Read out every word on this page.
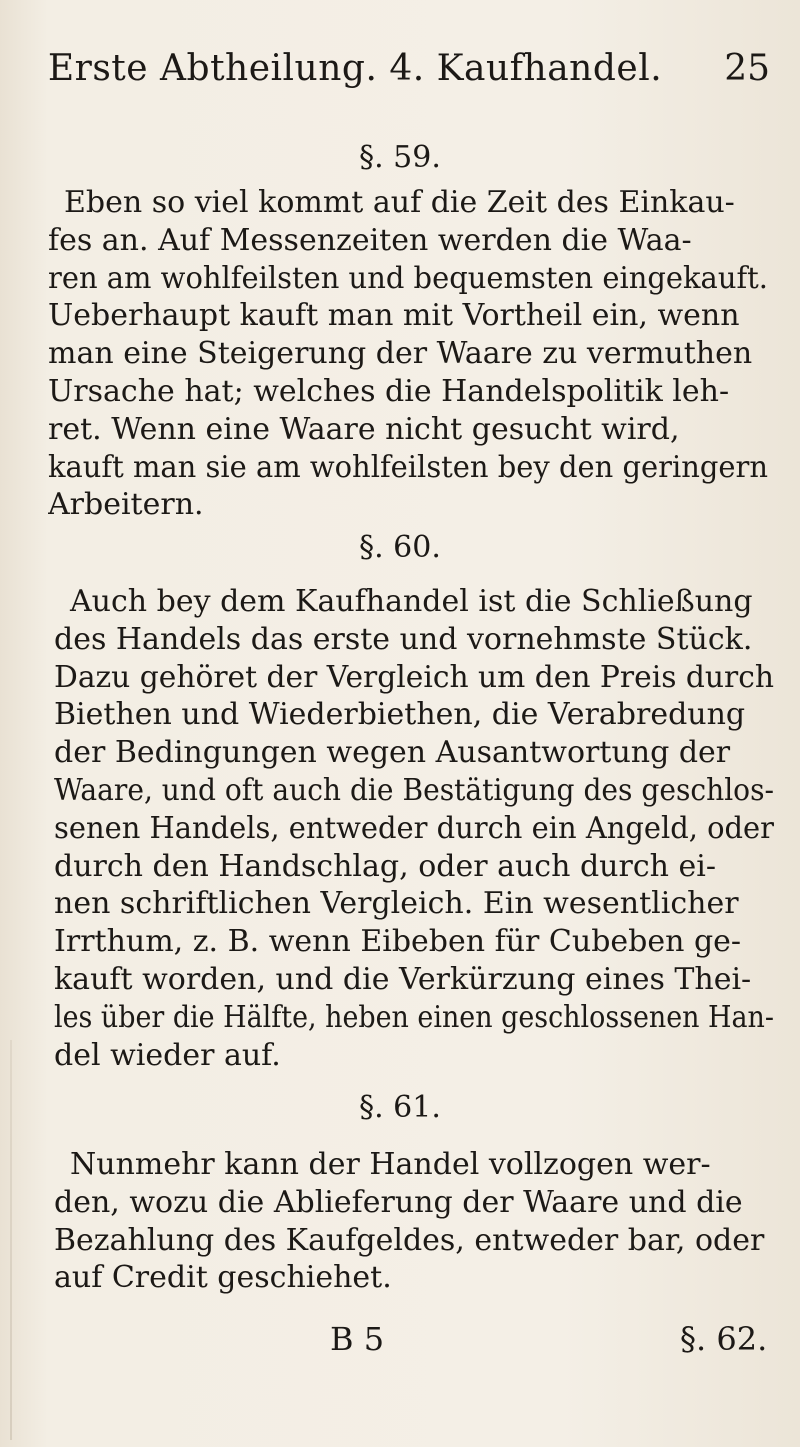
Erste Abtheilung. 4. Kaufhandel.	25
§. 59.
Eben so viel kommt auf die Zeit des Einkau-
fes an. Auf Messenzeiten werden die Waa-
ren am wohlfeilsten und bequemsten eingekauft.
Ueberhaupt kauft man mit Vortheil ein, wenn
man eine Steigerung der Waare zu vermuthen
Ursache hat; welches die Handelspolitik leh-
ret. Wenn eine Waare nicht gesucht wird,
kauft man sie am wohlfeilsten bey den geringern
Arbeitern.
§. 60.
Auch bey dem Kaufhandel ist die Schließung
des Handels das erste und vornehmste Stück.
Dazu gehöret der Vergleich um den Preis durch
Biethen und Wiederbiethen, die Verabredung
der Bedingungen wegen Ausantwortung der
Waare, und oft auch die Bestätigung des geschlos-
senen Handels, entweder durch ein Angeld, oder
durch den Handschlag, oder auch durch ei-
nen schriftlichen Vergleich. Ein wesentlicher
Irrthum, z. B. wenn Eibeben für Cubeben ge-
kauft worden, und die Verkürzung eines Thei-
les über die Hälfte, heben einen geschlossenen Han-
del wieder auf.
§. 61.
Nunmehr kann der Handel vollzogen wer-
den, wozu die Ablieferung der Waare und die
Bezahlung des Kaufgeldes, entweder bar, oder
auf Credit geschiehet.
B 5	§. 62.
